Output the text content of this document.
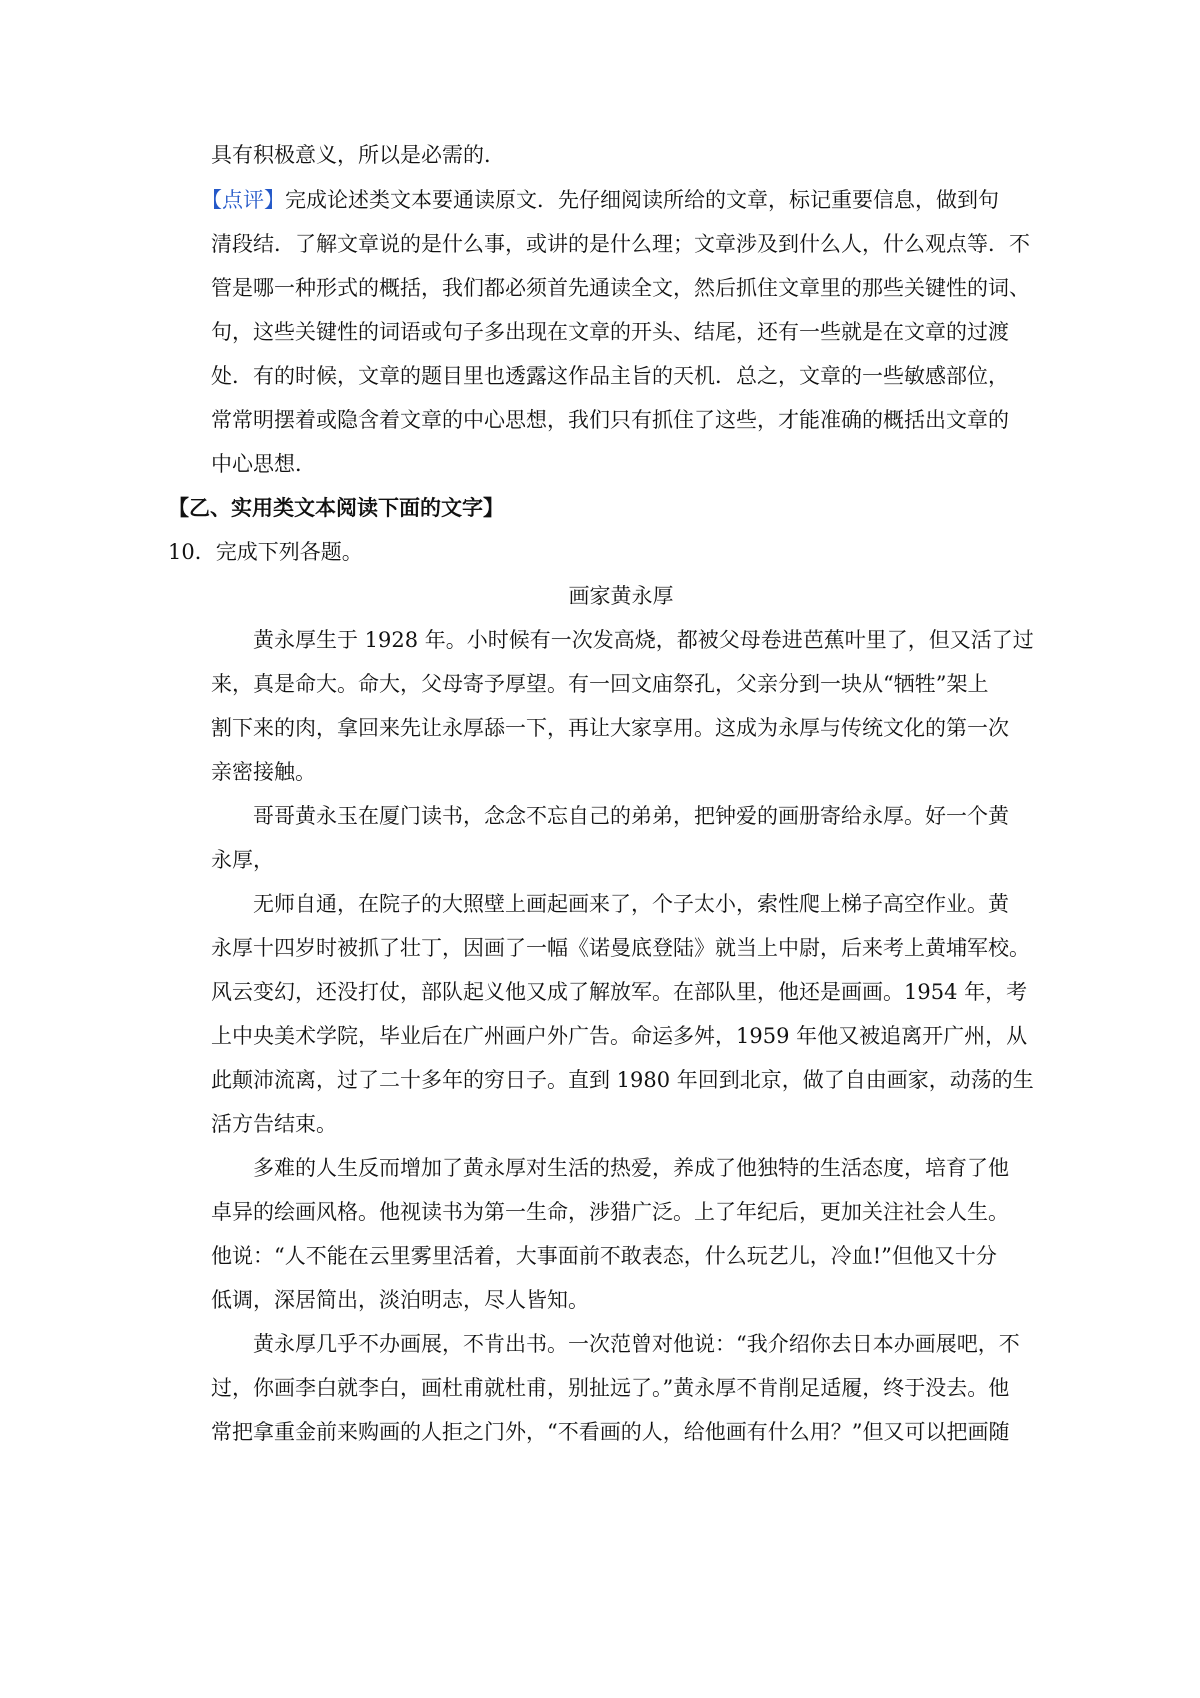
具有积极意义，所以是必需的．
【点评】完成论述类文本要通读原文．先仔细阅读所给的文章，标记重要信息，做到句
清段结．了解文章说的是什么事，或讲的是什么理；文章涉及到什么人，什么观点等．不
管是哪一种形式的概括，我们都必须首先通读全文，然后抓住文章里的那些关键性的词、
句，这些关键性的词语或句子多出现在文章的开头、结尾，还有一些就是在文章的过渡
处．有的时候，文章的题目里也透露这作品主旨的天机．总之，文章的一些敏感部位，
常常明摆着或隐含着文章的中心思想，我们只有抓住了这些，才能准确的概括出文章的
中心思想．
【乙、实用类文本阅读下面的文字】
10．完成下列各题。
画家黄永厚
黄永厚生于 1928 年。小时候有一次发高烧，都被父母卷进芭蕉叶里了，但又活了过
来，真是命大。命大，父母寄予厚望。有一回文庙祭孔，父亲分到一块从“牺牲”架上
割下来的肉，拿回来先让永厚舔一下，再让大家享用。这成为永厚与传统文化的第一次
亲密接触。
哥哥黄永玉在厦门读书，念念不忘自己的弟弟，把钟爱的画册寄给永厚。好一个黄
永厚，
无师自通，在院子的大照壁上画起画来了，个子太小，索性爬上梯子高空作业。黄
永厚十四岁时被抓了壮丁，因画了一幅《诺曼底登陆》就当上中尉，后来考上黄埔军校。
风云变幻，还没打仗，部队起义他又成了解放军。在部队里，他还是画画。1954 年，考
上中央美术学院，毕业后在广州画户外广告。命运多舛，1959 年他又被追离开广州，从
此颠沛流离，过了二十多年的穷日子。直到 1980 年回到北京，做了自由画家，动荡的生
活方告结束。
多难的人生反而增加了黄永厚对生活的热爱，养成了他独特的生活态度，培育了他
卓异的绘画风格。他视读书为第一生命，涉猎广泛。上了年纪后，更加关注社会人生。
他说：“人不能在云里雾里活着，大事面前不敢表态，什么玩艺儿，冷血!”但他又十分
低调，深居简出，淡泊明志，尽人皆知。
黄永厚几乎不办画展，不肯出书。一次范曾对他说：“我介绍你去日本办画展吧，不
过，你画李白就李白，画杜甫就杜甫，别扯远了。”黄永厚不肯削足适履，终于没去。他
常把拿重金前来购画的人拒之门外，“不看画的人，给他画有什么用？”但又可以把画随
